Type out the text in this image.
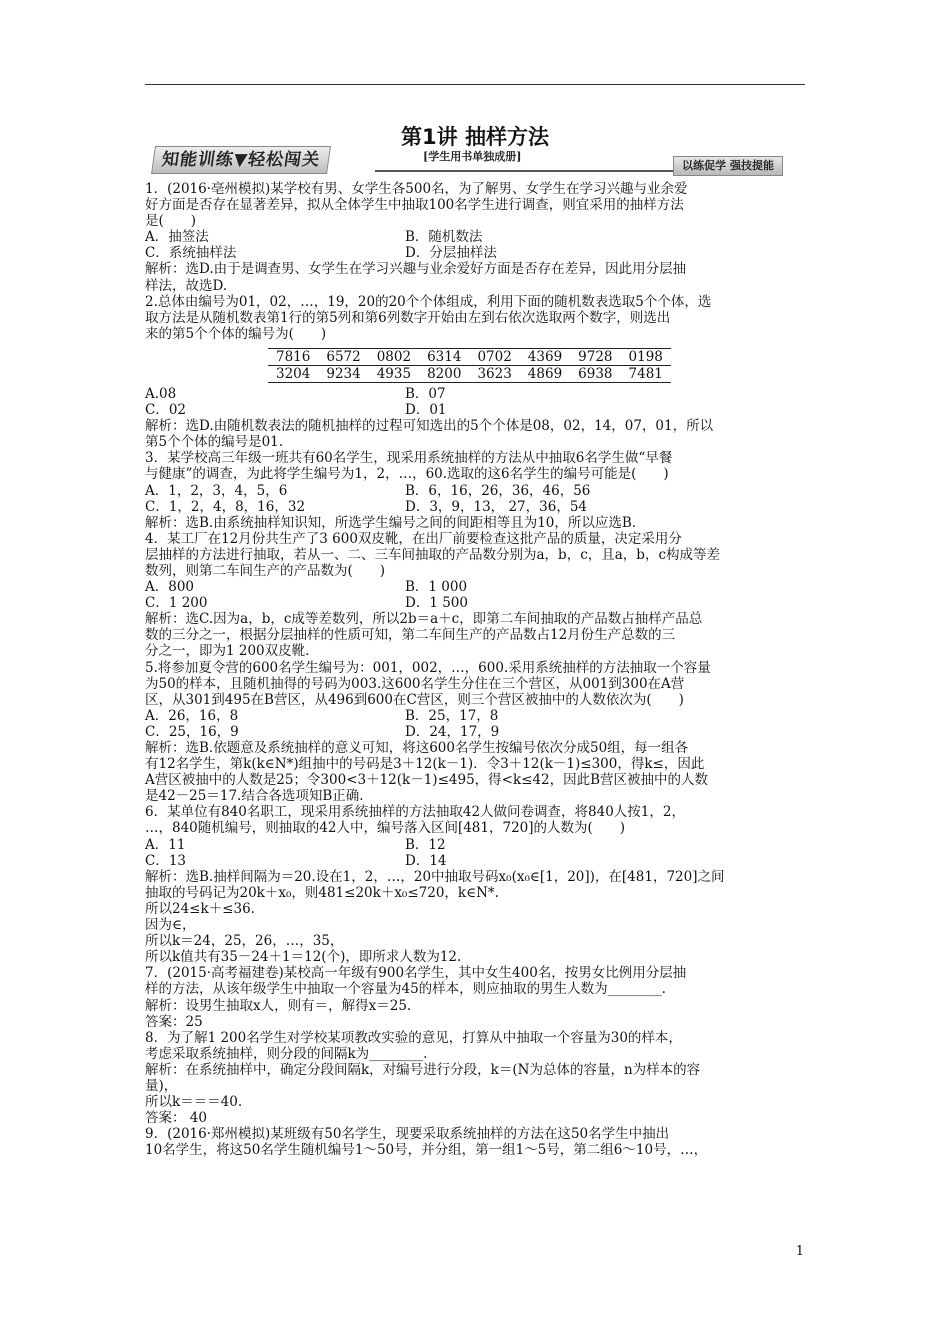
第1讲 抽样方法
知能训练▼轻松闯关	[学生用书单独成册]
以练促学 强技提能
1．(2016·亳州模拟)某学校有男、女学生各500名，为了解男、女学生在学习兴趣与业余爱
好方面是否存在显著差异，拟从全体学生中抽取100名学生进行调查，则宜采用的抽样方法
是(　　)
A．抽签法	B．随机数法
C．系统抽样法	D．分层抽样法
解析：选D.由于是调查男、女学生在学习兴趣与业余爱好方面是否存在差异，因此用分层抽
样法，故选D.
2.总体由编号为01，02，…，19，20的20个个体组成，利用下面的随机数表选取5个个体，选
取方法是从随机数表第1行的第5列和第6列数字开始由左到右依次选取两个数字，则选出
来的第5个个体的编号为(　　)
7816	6572	0802	6314	0702	4369	9728	0198
3204	9234	4935	8200	3623	4869	6938	7481
A.08	B．07
C．02	D．01
解析：选D.由随机数表法的随机抽样的过程可知选出的5个个体是08，02，14，07，01，所以
第5个个体的编号是01.
3．某学校高三年级一班共有60名学生，现采用系统抽样的方法从中抽取6名学生做“早餐
与健康”的调查，为此将学生编号为1，2，…，60.选取的这6名学生的编号可能是(　　)
A．1，2，3，4，5，6	B．6，16，26，36，46，56
C．1，2，4，8，16，32	D．3，9，13， 27，36，54
解析：选B.由系统抽样知识知，所选学生编号之间的间距相等且为10，所以应选B.
4．某工厂在12月份共生产了3 600双皮靴，在出厂前要检查这批产品的质量，决定采用分
层抽样的方法进行抽取，若从一、二、三车间抽取的产品数分别为a，b，c，且a，b，c构成等差
数列，则第二车间生产的产品数为(　　)
A．800	B．1 000
C．1 200	D．1 500
解析：选C.因为a，b，c成等差数列，所以2b＝a＋c，即第二车间抽取的产品数占抽样产品总
数的三分之一，根据分层抽样的性质可知，第二车间生产的产品数占12月份生产总数的三
分之一，即为1 200双皮靴.
5.将参加夏令营的600名学生编号为：001，002，…，600.采用系统抽样的方法抽取一个容量
为50的样本，且随机抽得的号码为003.这600名学生分住在三个营区，从001到300在A营
区，从301到495在B营区，从496到600在C营区，则三个营区被抽中的人数依次为(　　)
A．26，16，8	B．25，17，8
C．25，16，9	D．24，17，9
解析：选B.依题意及系统抽样的意义可知，将这600名学生按编号依次分成50组，每一组各
有12名学生，第k(k∈N*)组抽中的号码是3＋12(k－1)．令3＋12(k－1)≤300，得k≤，因此
A营区被抽中的人数是25；令300<3＋12(k－1)≤495，得<k≤42，因此B营区被抽中的人数
是42－25＝17.结合各选项知B正确.
6．某单位有840名职工，现采用系统抽样的方法抽取42人做问卷调查，将840人按1，2，
…，840随机编号，则抽取的42人中，编号落入区间[481，720]的人数为(　　)
A．11	B．12
C．13	D．14
解析：选B.抽样间隔为＝20.设在1，2，…，20中抽取号码x₀(x₀∈[1，20])，在[481，720]之间
抽取的号码记为20k＋x₀，则481≤20k＋x₀≤720，k∈N*.
所以24≤k＋≤36.
因为∈，
所以k＝24，25，26，…，35，
所以k值共有35－24＋1＝12(个)，即所求人数为12.
7．(2015·高考福建卷)某校高一年级有900名学生，其中女生400名，按男女比例用分层抽
样的方法，从该年级学生中抽取一个容量为45的样本，则应抽取的男生人数为________.
解析：设男生抽取x人，则有＝，解得x＝25.
答案：25
8．为了解1 200名学生对学校某项教改实验的意见，打算从中抽取一个容量为30的样本，
考虑采取系统抽样，则分段的间隔k为________.
解析：在系统抽样中，确定分段间隔k，对编号进行分段，k＝(N为总体的容量，n为样本的容
量)，
所以k＝＝＝40.
答案： 40
9．(2016·郑州模拟)某班级有50名学生，现要采取系统抽样的方法在这50名学生中抽出
10名学生，将这50名学生随机编号1～50号，并分组，第一组1～5号，第二组6～10号，…，
1
